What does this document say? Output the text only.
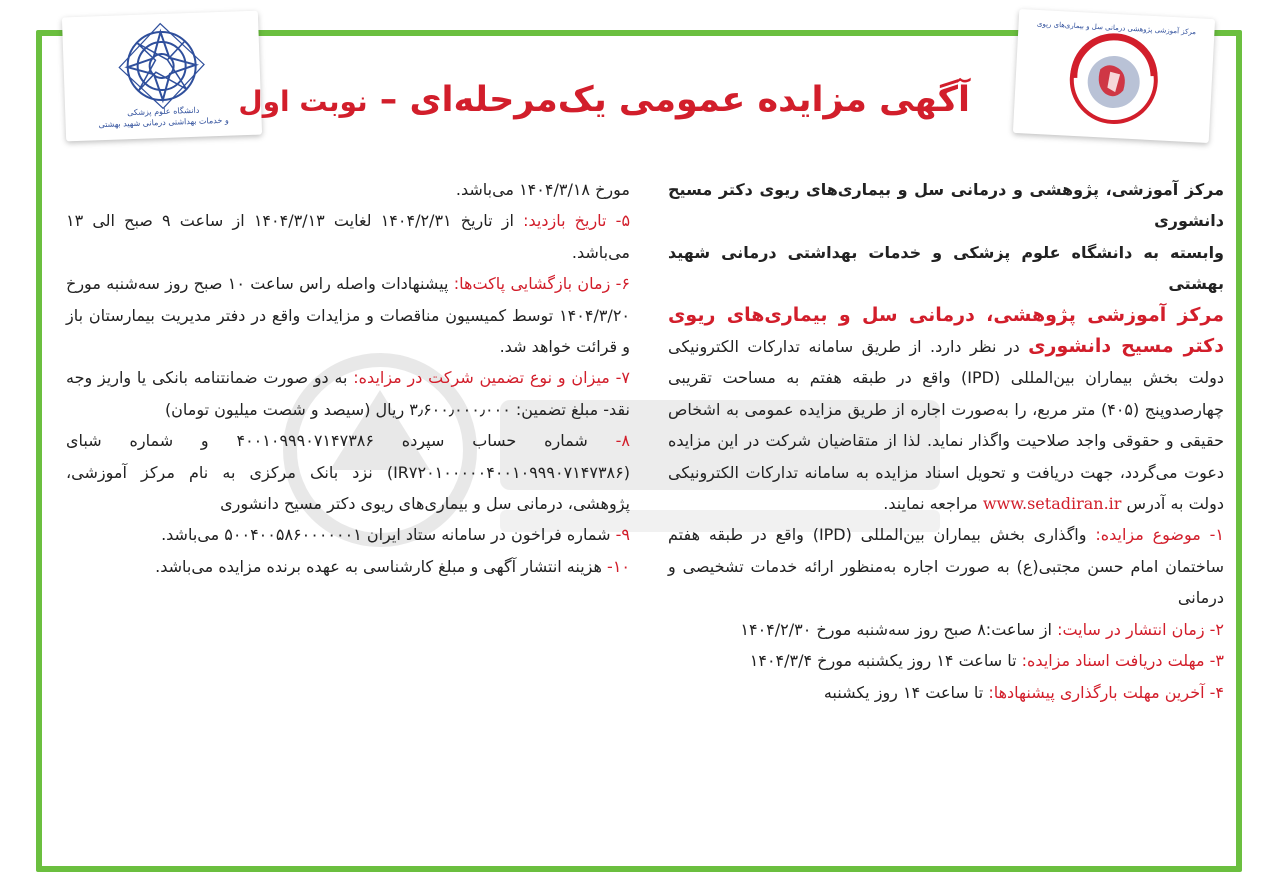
دانشگاه علوم پزشکی
و خدمات بهداشتی درمانی شهید بهشتی
مرکز آموزشی پژوهشی درمانی سل و بیماری‌های ریوی
آگهی مزایده عمومی یک‌مرحله‌ای – نوبت اول

مرکز آموزشی، پژوهشی و درمانی سل و بیماری‌های ریوی دکتر مسیح دانشوری

وابسته به دانشگاه علوم پزشکی و خدمات بهداشتی درمانی شهید بهشتی

مرکز آموزشی پژوهشی، درمانی سل و بیماری‌های ریوی دکتر مسیح دانشوری در نظر دارد. از طریق سامانه تدارکات الکترونیکی دولت بخش بیماران بین‌المللی (IPD) واقع در طبقه هفتم به مساحت تقریبی چهارصدوپنج (۴۰۵) متر مربع، را به‌صورت اجاره از طریق مزایده عمومی به اشخاص حقیقی و حقوقی واجد صلاحیت واگذار نماید. لذا از متقاضیان شرکت در این مزایده دعوت می‌گردد، جهت دریافت و تحویل اسناد مزایده به سامانه تدارکات الکترونیکی دولت به آدرس www.setadiran.ir مراجعه نمایند.

۱- موضوع مزایده: واگذاری بخش بیماران بین‌المللی (IPD) واقع در طبقه هفتم ساختمان امام حسن مجتبی(ع) به صورت اجاره به‌منظور ارائه خدمات تشخیصی و درمانی

۲- زمان انتشار در سایت: از ساعت:۸ صبح روز سه‌شنبه مورخ ۱۴۰۴/۲/۳۰

۳- مهلت دریافت اسناد مزایده: تا ساعت ۱۴ روز یکشنبه مورخ ۱۴۰۴/۳/۴

۴- آخرین مهلت بارگذاری پیشنهادها: تا ساعت ۱۴ روز یکشنبه

مورخ ۱۴۰۴/۳/۱۸ می‌باشد.

۵- تاریخ بازدید: از تاریخ ۱۴۰۴/۲/۳۱ لغایت ۱۴۰۴/۳/۱۳ از ساعت ۹ صبح الی ۱۳ می‌باشد.

۶- زمان بازگشایی پاکت‌ها: پیشنهادات واصله راس ساعت ۱۰ صبح روز سه‌شنبه مورخ ۱۴۰۴/۳/۲۰ توسط کمیسیون مناقصات و مزایدات واقع در دفتر مدیریت بیمارستان باز و قرائت خواهد شد.

۷- میزان و نوع تضمین شرکت در مزایده: به دو صورت ضمانتنامه بانکی یا واریز وجه نقد- مبلغ تضمین: ۳٫۶۰۰٫۰۰۰٫۰۰۰ ریال (سیصد و شصت میلیون تومان)

۸- شماره حساب سپرده ۴۰۰۱۰۹۹۹۰۷۱۴۷۳۸۶ و شماره شبای (IR۷۲۰۱۰۰۰۰۰۴۰۰۱۰۹۹۹۰۷۱۴۷۳۸۶) نزد بانک مرکزی به نام مرکز آموزشی، پژوهشی، درمانی سل و بیماری‌های ریوی دکتر مسیح دانشوری

۹- شماره فراخون در سامانه ستاد ایران ۵۰۰۴۰۰۵۸۶۰۰۰۰۰۰۱ می‌باشد.

۱۰- هزینه انتشار آگهی و مبلغ کارشناسی به عهده برنده مزایده می‌باشد.
